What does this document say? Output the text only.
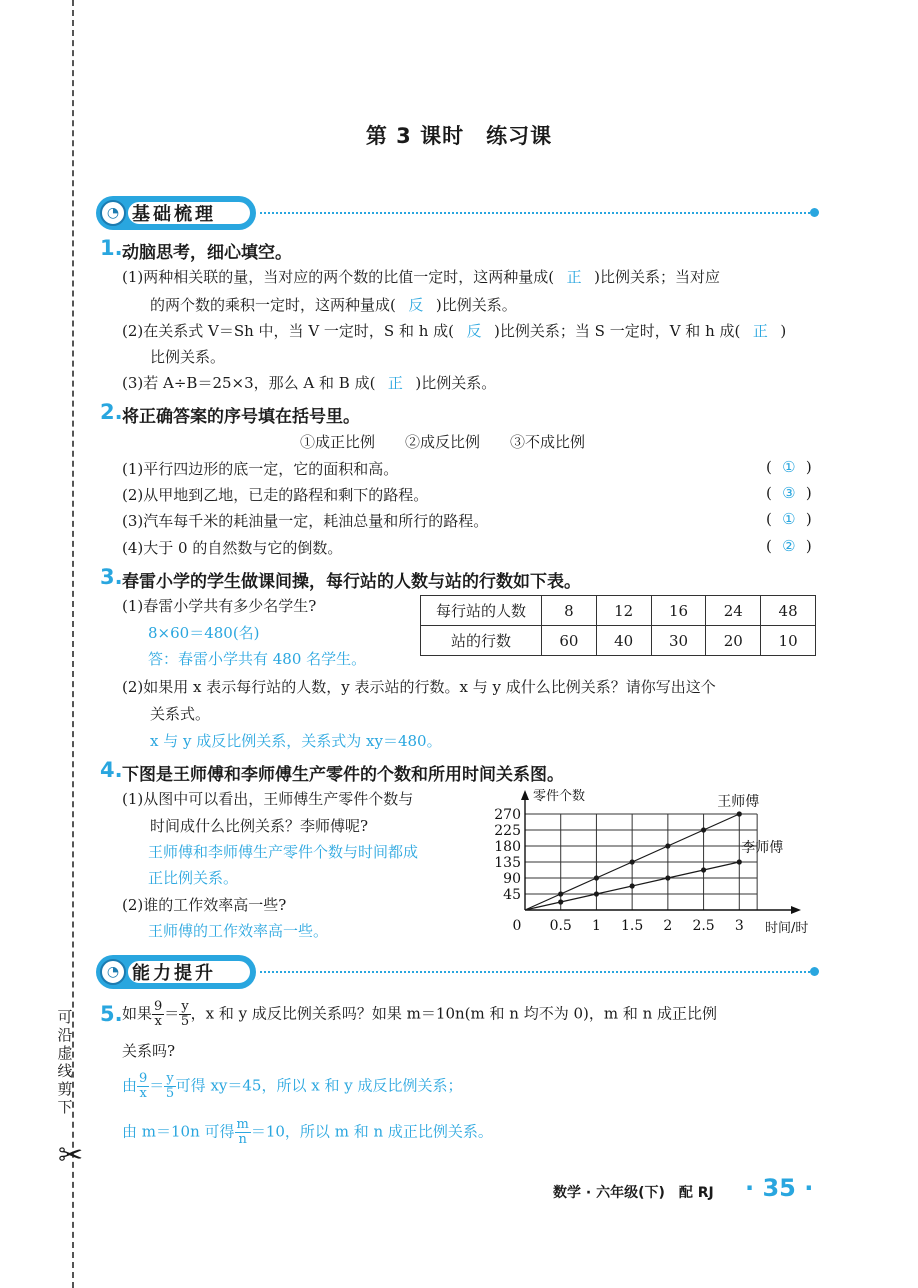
可
沿
虚
线
剪
下
✂
第 3 课时　练习课
◔ 基础梳理
1. 动脑思考，细心填空。
(1)两种相关联的量，当对应的两个数的比值一定时，这两种量成( 正 )比例关系；当对应
的两个数的乘积一定时，这两种量成( 反 )比例关系。
(2)在关系式 V＝Sh 中，当 V 一定时，S 和 h 成( 反 )比例关系；当 S 一定时，V 和 h 成( 正 )
比例关系。
(3)若 A÷B＝25×3，那么 A 和 B 成( 正 )比例关系。
2. 将正确答案的序号填在括号里。
①成正比例　　②成反比例　　③不成比例
(1)平行四边形的底一定，它的面积和高。	( ① )
(2)从甲地到乙地，已走的路程和剩下的路程。	( ③ )
(3)汽车每千米的耗油量一定，耗油总量和所行的路程。	( ① )
(4)大于 0 的自然数与它的倒数。	( ② )
3. 春雷小学的学生做课间操，每行站的人数与站的行数如下表。
(1)春雷小学共有多少名学生?
8×60＝480(名)
答：春雷小学共有 480 名学生。
每行站的人数	8	12	16	24	48
站的行数	60	40	30	20	10
(2)如果用 x 表示每行站的人数，y 表示站的行数。x 与 y 成什么比例关系？请你写出这个
关系式。
x 与 y 成反比例关系，关系式为 xy＝480。
4. 下图是王师傅和李师傅生产零件的个数和所用时间关系图。
(1)从图中可以看出，王师傅生产零件个数与
时间成什么比例关系？李师傅呢?
王师傅和李师傅生产零件个数与时间都成
正比例关系。
(2)谁的工作效率高一些?
王师傅的工作效率高一些。	0.5 1 1.5 2 2.5 3
45
90
135
180
225
270
0
零件个数
时间/时
王师傅
李师傅
◔ 能力提升
5. 如果 $\frac{9}{x} = \frac{y}{5}$ ，x 和 y 成反比例关系吗？如果 m＝10n(m 和 n 均不为 0)，m 和 n 成正比例
关系吗?
由 $\frac{9}{x} = \frac{y}{5}$ 可得 xy＝45，所以 x 和 y 成反比例关系；
由 m＝10n 可得 $\frac{m}{n} =10$，所以 m 和 n 成正比例关系。
数学 · 六年级(下)　配 RJ · 35 ·
